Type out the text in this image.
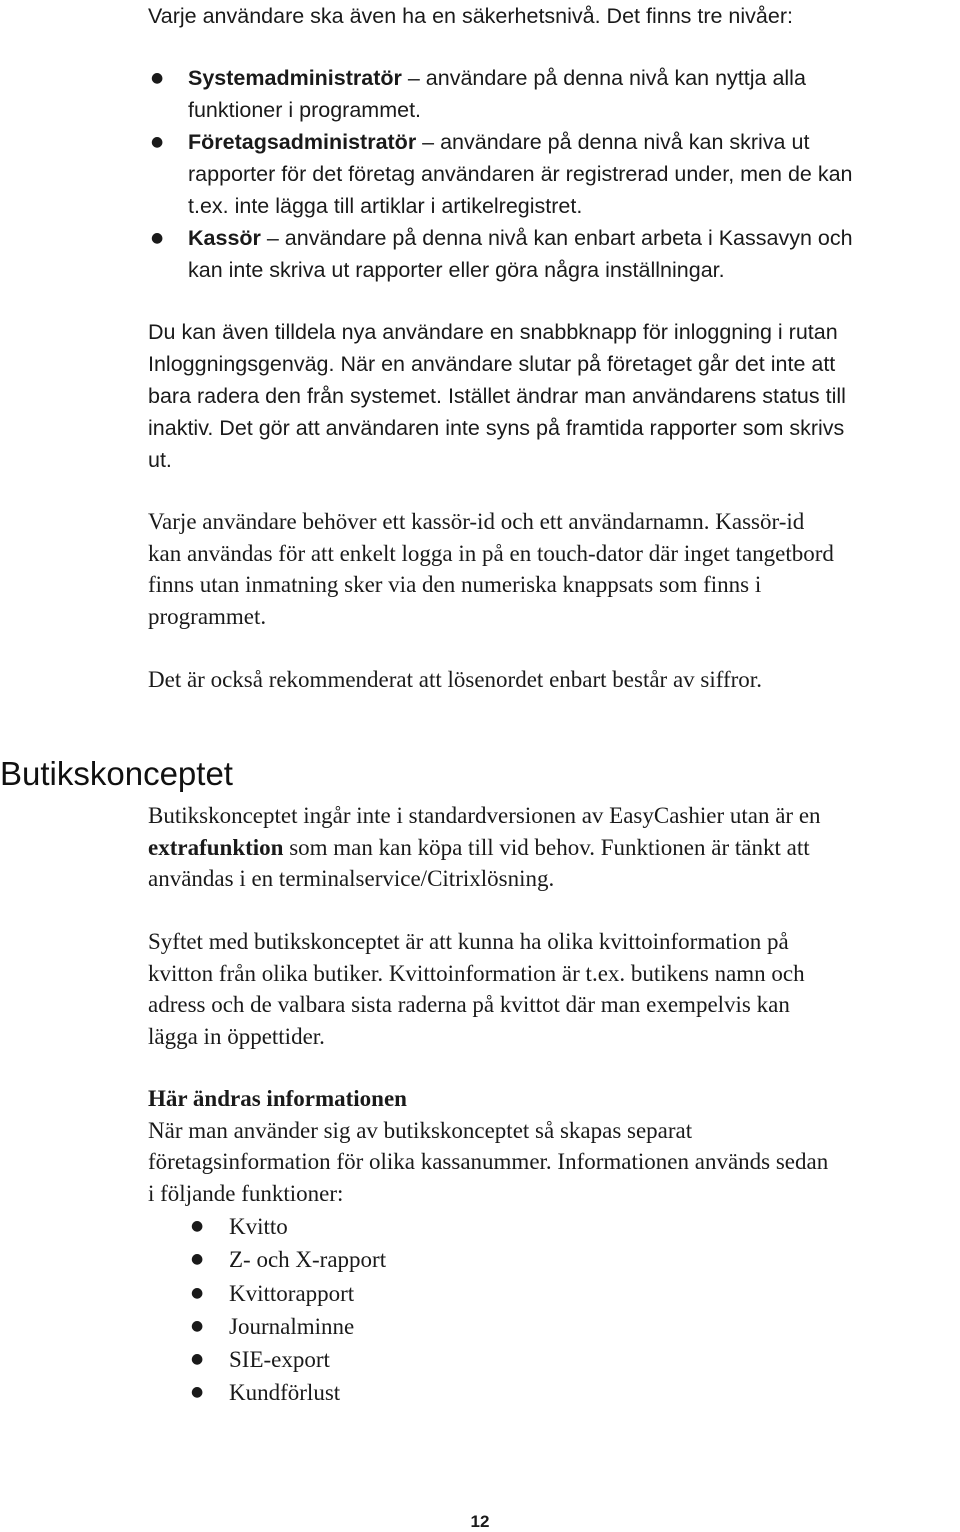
Varje användare ska även ha en säkerhetsnivå. Det finns tre nivåer:

● Systemadministratör – användare på denna nivå kan nyttja alla
funktioner i programmet.
● Företagsadministratör – användare på denna nivå kan skriva ut
rapporter för det företag användaren är registrerad under, men de kan
t.ex. inte lägga till artiklar i artikelregistret.
● Kassör – användare på denna nivå kan enbart arbeta i Kassavyn och
kan inte skriva ut rapporter eller göra några inställningar.
Du kan även tilldela nya användare en snabbknapp för inloggning i rutan
Inloggningsgenväg. När en användare slutar på företaget går det inte att
bara radera den från systemet. Istället ändrar man användarens status till
inaktiv. Det gör att användaren inte syns på framtida rapporter som skrivs
ut.
Varje användare behöver ett kassör-id och ett användarnamn. Kassör-id
kan användas för att enkelt logga in på en touch-dator där inget tangetbord
finns utan inmatning sker via den numeriska knappsats som finns i
programmet.

Det är också rekommenderat att lösenordet enbart består av siffror.

Butikskonceptet
Butikskonceptet ingår inte i standardversionen av EasyCashier utan är en
extrafunktion som man kan köpa till vid behov. Funktionen är tänkt att
användas i en terminalservice/Citrixlösning.
Syftet med butikskonceptet är att kunna ha olika kvittoinformation på
kvitton från olika butiker. Kvittoinformation är t.ex. butikens namn och
adress och de valbara sista raderna på kvittot där man exempelvis kan
lägga in öppettider.
Här ändras informationen
När man använder sig av butikskonceptet så skapas separat
företagsinformation för olika kassanummer. Informationen används sedan
i följande funktioner:
● Kvitto
● Z- och X-rapport
● Kvittorapport
● Journalminne
● SIE-export
● Kundförlust
12
